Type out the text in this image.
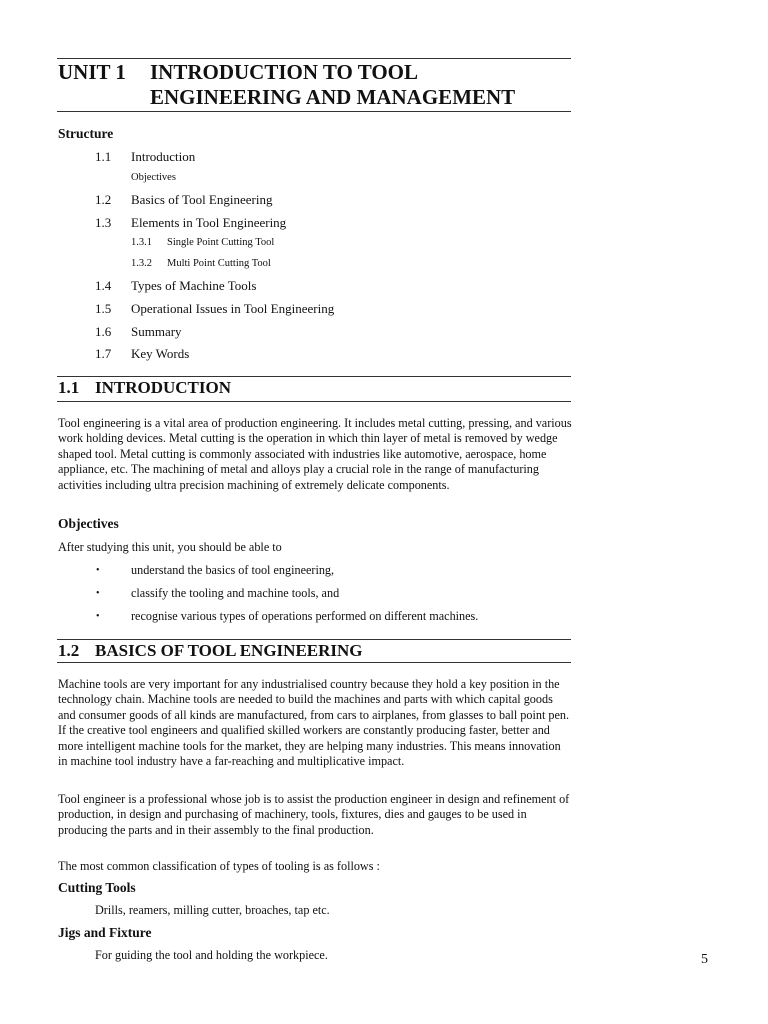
UNIT 1 INTRODUCTION TO TOOL
ENGINEERING AND MANAGEMENT
Structure
1.1 Introduction
Objectives
1.2 Basics of Tool Engineering
1.3 Elements in Tool Engineering
1.3.1 Single Point Cutting Tool
1.3.2 Multi Point Cutting Tool
1.4 Types of Machine Tools
1.5 Operational Issues in Tool Engineering
1.6 Summary
1.7 Key Words
1.1 INTRODUCTION
Tool engineering is a vital area of production engineering. It includes metal cutting, pressing, and various work holding devices. Metal cutting is the operation in which thin layer of metal is removed by wedge shaped tool. Metal cutting is commonly associated with industries like automotive, aerospace, home appliance, etc. The machining of metal and alloys play a crucial role in the range of manufacturing activities including ultra precision machining of extremely delicate components.
Objectives
After studying this unit, you should be able to
•	understand the basics of tool engineering,
•	classify the tooling and machine tools, and
•	recognise various types of operations performed on different machines.
1.2 BASICS OF TOOL ENGINEERING
Machine tools are very important for any industrialised country because they hold a key position in the technology chain. Machine tools are needed to build the machines and parts with which capital goods and consumer goods of all kinds are manufactured, from cars to airplanes, from glasses to ball point pen. If the creative tool engineers and qualified skilled workers are constantly producing faster, better and more intelligent machine tools for the market, they are helping many industries. This means innovation in machine tool industry have a far-reaching and multiplicative impact.
Tool engineer is a professional whose job is to assist the production engineer in design and refinement of production, in design and purchasing of machinery, tools, fixtures, dies and gauges to be used in producing the parts and in their assembly to the final production.
The most common classification of types of tooling is as follows :
Cutting Tools
Drills, reamers, milling cutter, broaches, tap etc.
Jigs and Fixture
For guiding the tool and holding the workpiece.	5
